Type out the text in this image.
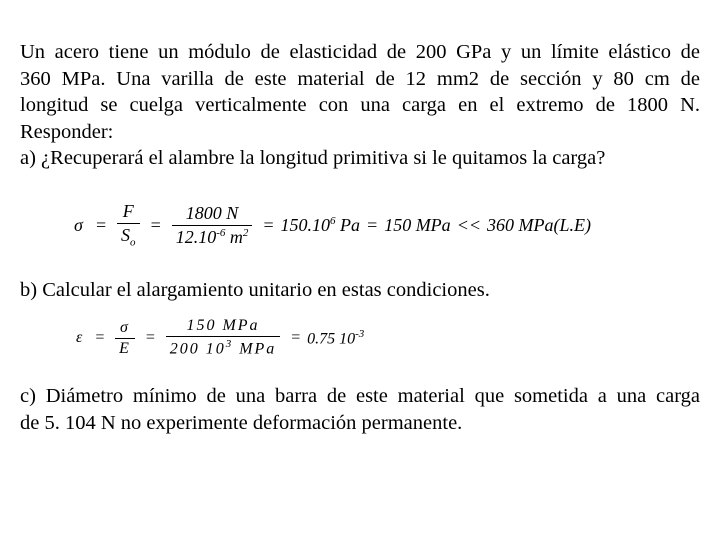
Un acero tiene un módulo de elasticidad de 200 GPa y un límite elástico de
360 MPa. Una varilla de este material de 12 mm2 de sección y 80 cm de
longitud se cuelga verticalmente con una carga en el extremo de 1800 N.
Responder:
a) ¿Recuperará el alambre la longitud primitiva si le quitamos la carga?
$\sigma = \frac{F}{S_o} = \frac{1800 N}{12.10^{-6} m^2} = 150.10^6$ Pa = 150 MPa << 360 MPa(L.E)
b) Calcular el alargamiento unitario en estas condiciones.
$\varepsilon = \frac{\sigma}{E} = \frac{\text{150 MPa}}{200 10^3 MPa} = 0.75$ $10^{-3}$
c) Diámetro mínimo de una barra de este material que sometida a una carga
de 5. 104 N no experimente deformación permanente.
